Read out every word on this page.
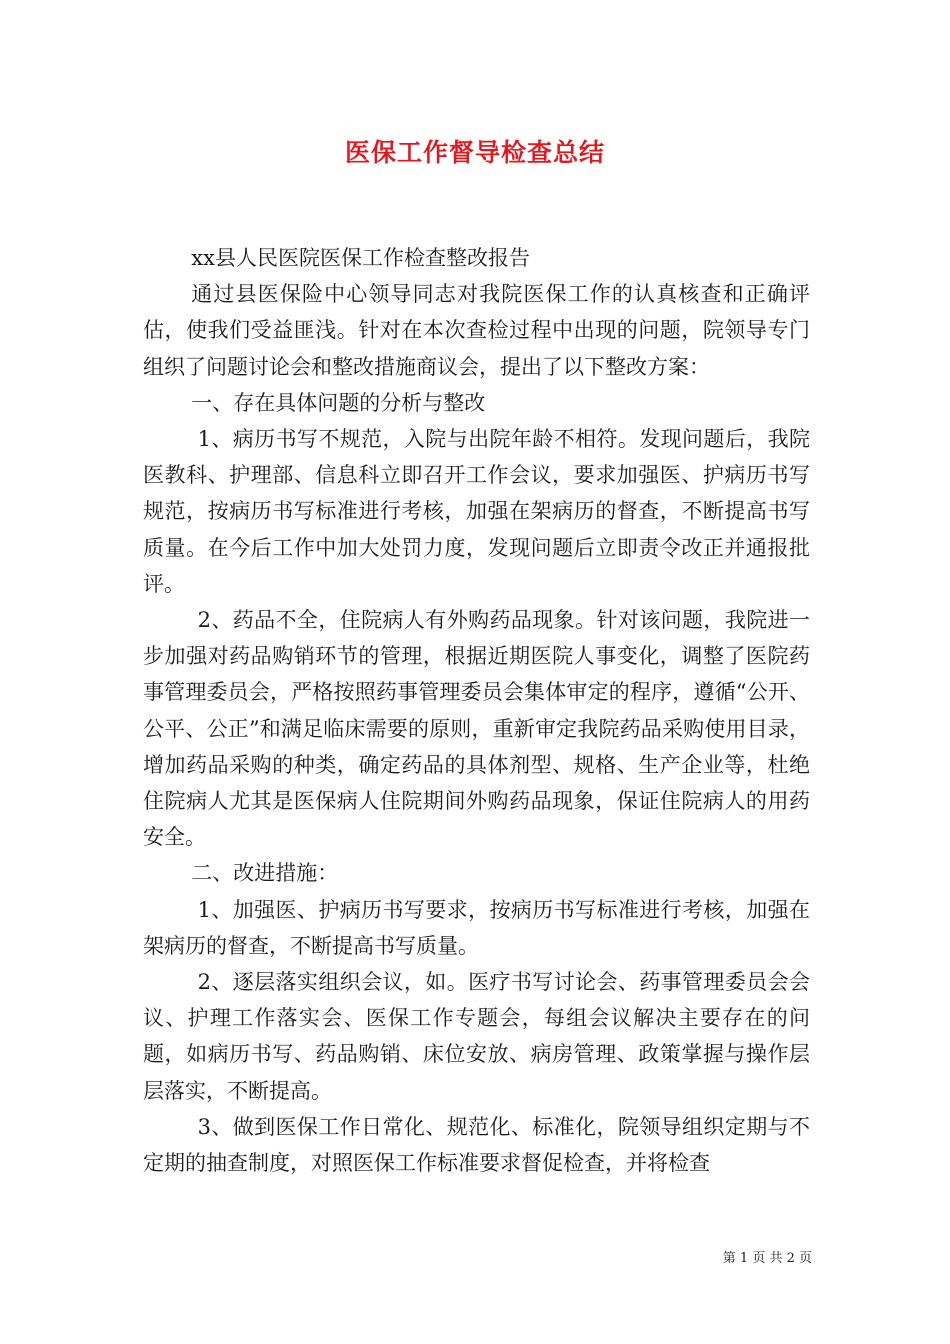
医保工作督导检查总结

xx县人民医院医保工作检查整改报告

通过县医保险中心领导同志对我院医保工作的认真核查和正确评估，使我们受益匪浅。针对在本次查检过程中出现的问题，院领导专门组织了问题讨论会和整改措施商议会，提出了以下整改方案：

一、存在具体问题的分析与整改

1、病历书写不规范，入院与出院年龄不相符。发现问题后，我院医教科、护理部、信息科立即召开工作会议，要求加强医、护病历书写规范，按病历书写标准进行考核，加强在架病历的督查，不断提高书写质量。在今后工作中加大处罚力度，发现问题后立即责令改正并通报批评。

2、药品不全，住院病人有外购药品现象。针对该问题，我院进一步加强对药品购销环节的管理，根据近期医院人事变化，调整了医院药事管理委员会，严格按照药事管理委员会集体审定的程序，遵循“公开、公平、公正”和满足临床需要的原则，重新审定我院药品采购使用目录，增加药品采购的种类，确定药品的具体剂型、规格、生产企业等，杜绝住院病人尤其是医保病人住院期间外购药品现象，保证住院病人的用药安全。

二、改进措施：

1、加强医、护病历书写要求，按病历书写标准进行考核，加强在架病历的督查，不断提高书写质量。

2、逐层落实组织会议，如。医疗书写讨论会、药事管理委员会会议、护理工作落实会、医保工作专题会，每组会议解决主要存在的问题，如病历书写、药品购销、床位安放、病房管理、政策掌握与操作层层落实，不断提高。

3、做到医保工作日常化、规范化、标准化，院领导组织定期与不定期的抽查制度，对照医保工作标准要求督促检查，并将检查

第 1 页 共 2 页
